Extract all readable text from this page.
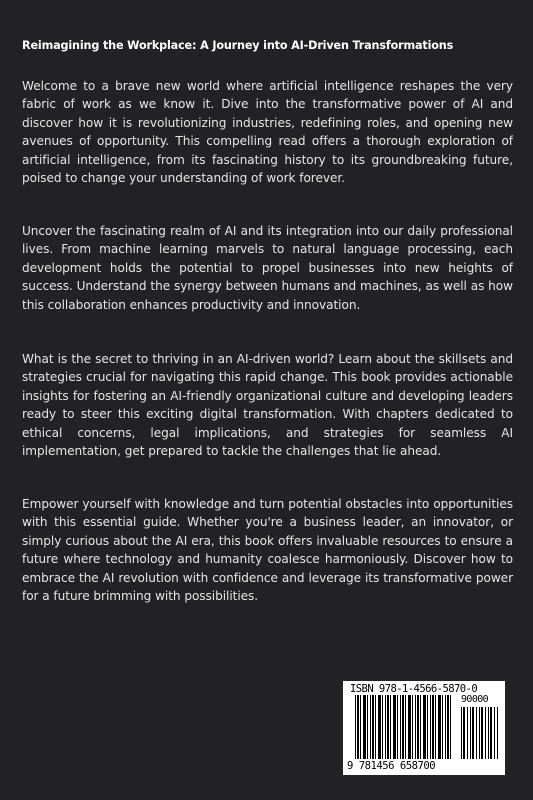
Reimagining the Workplace: A Journey into AI-Driven Transformations

Welcome to a brave new world where artificial intelligence reshapes the very fabric of work as we know it. Dive into the transformative power of AI and discover how it is revolutionizing industries, redefining roles, and opening new avenues of opportunity. This compelling read offers a thorough exploration of artificial intelligence, from its fascinating history to its groundbreaking future, poised to change your understanding of work forever.

Uncover the fascinating realm of AI and its integration into our daily professional lives. From machine learning marvels to natural language processing, each development holds the potential to propel businesses into new heights of success. Understand the synergy between humans and machines, as well as how this collaboration enhances productivity and innovation.

What is the secret to thriving in an AI-driven world? Learn about the skillsets and strategies crucial for navigating this rapid change. This book provides actionable insights for fostering an AI-friendly organizational culture and developing leaders ready to steer this exciting digital transformation. With chapters dedicated to ethical concerns, legal implications, and strategies for seamless AI implementation, get prepared to tackle the challenges that lie ahead.

Empower yourself with knowledge and turn potential obstacles into opportunities with this essential guide. Whether you're a business leader, an innovator, or simply curious about the AI era, this book offers invaluable resources to ensure a future where technology and humanity coalesce harmoniously. Discover how to embrace the AI revolution with confidence and leverage its transformative power for a future brimming with possibilities.

ISBN 978-1-4566-5870-0
90000
9 781456 658700
